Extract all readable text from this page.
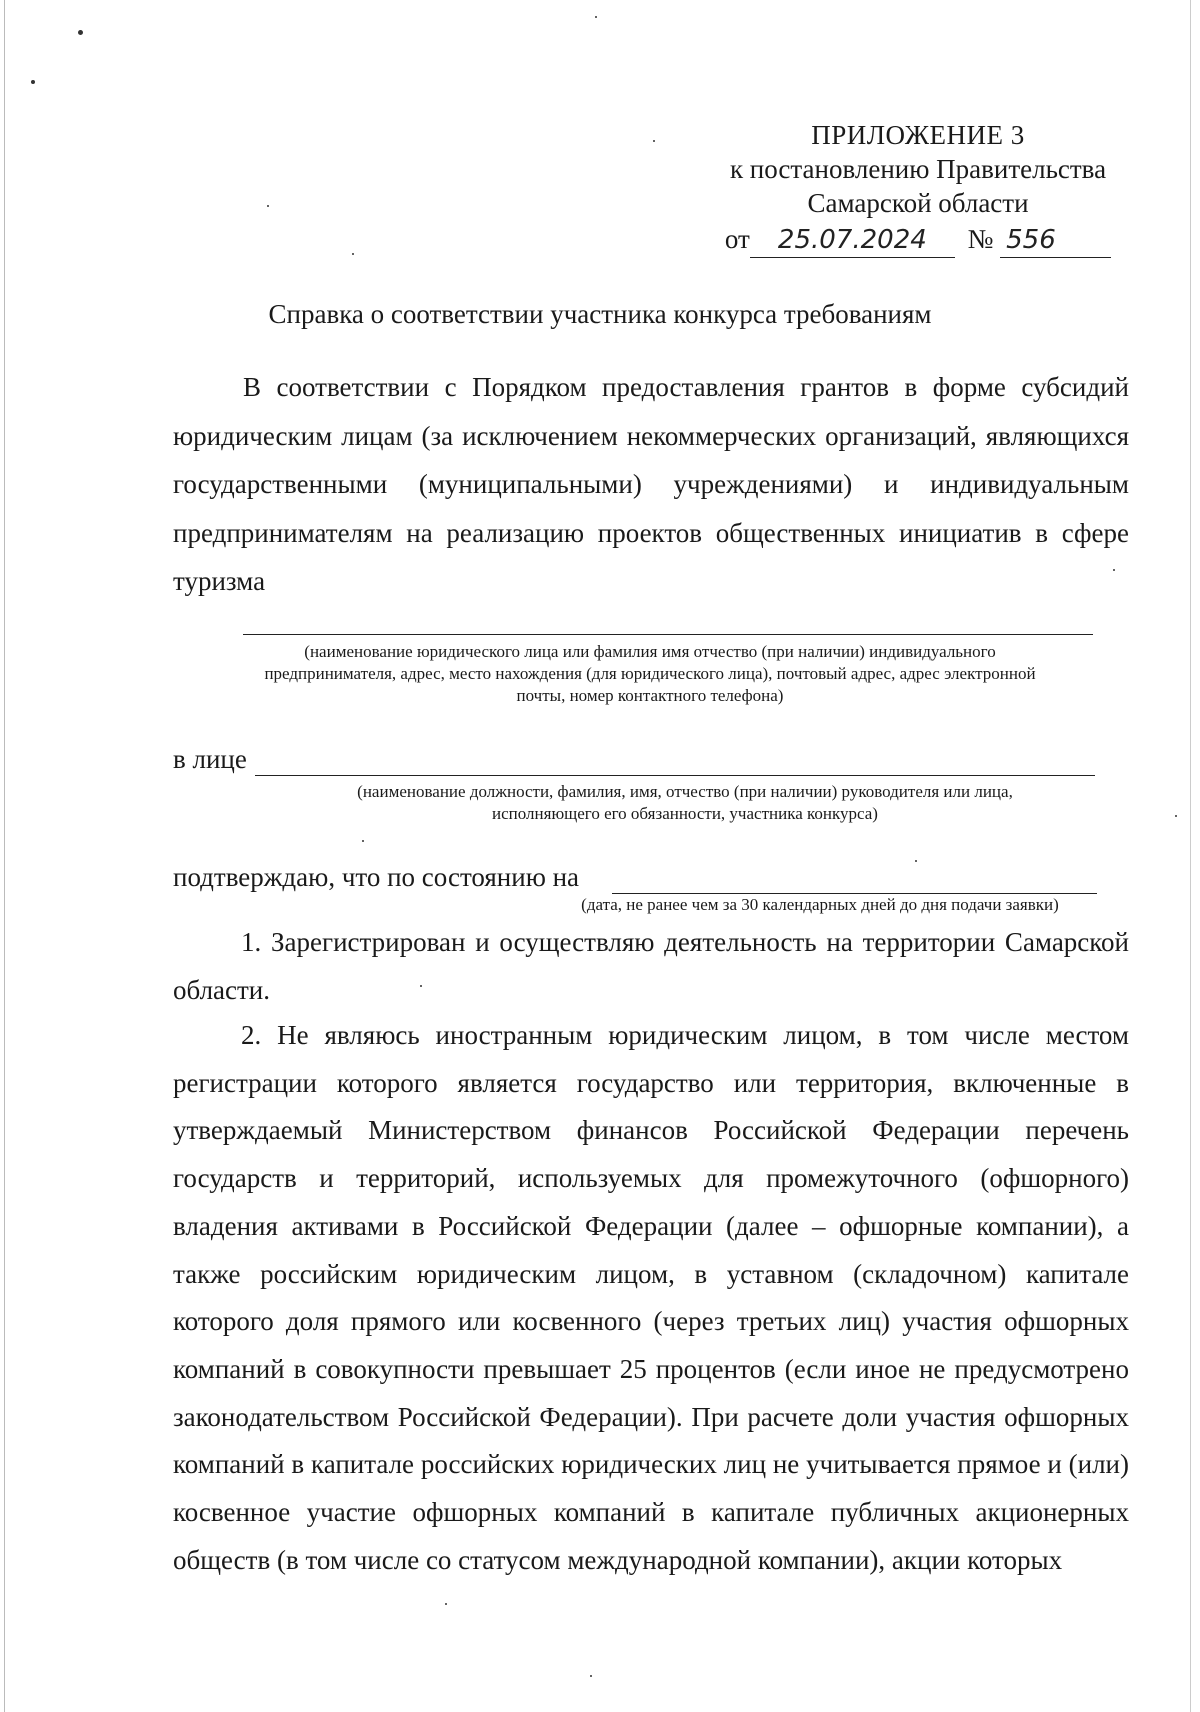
ПРИЛОЖЕНИЕ 3
к постановлению Правительства
Самарской области
от 25.07.2024 № 556
Справка о соответствии участника конкурса требованиям
В соответствии с Порядком предоставления грантов в форме субсидий юридическим лицам (за исключением некоммерческих организаций, являющихся государственными (муниципальными) учреждениями) и индивидуальным предпринимателям на реализацию проектов общественных инициатив в сфере туризма
(наименование юридического лица или фамилия имя отчество (при наличии) индивидуального
предпринимателя, адрес, место нахождения (для юридического лица), почтовый адрес, адрес электронной
почты, номер контактного телефона)
в лице
(наименование должности, фамилия, имя, отчество (при наличии) руководителя или лица,
исполняющего его обязанности, участника конкурса)
подтверждаю, что по состоянию на
(дата, не ранее чем за 30 календарных дней до дня подачи заявки)
1. Зарегистрирован и осуществляю деятельность на территории Самарской области.
2. Не являюсь иностранным юридическим лицом, в том числе местом регистрации которого является государство или территория, включенные в утверждаемый Министерством финансов Российской Федерации перечень государств и территорий, используемых для промежуточного (офшорного) владения активами в Российской Федерации (далее – офшорные компании), а также российским юридическим лицом, в уставном (складочном) капитале которого доля прямого или косвенного (через третьих лиц) участия офшорных компаний в совокупности превышает 25 процентов (если иное не предусмотрено законодательством Российской Федерации). При расчете доли участия офшорных компаний в капитале российских юридических лиц не учитывается прямое и (или) косвенное участие офшорных компаний в капитале публичных акционерных обществ (в том числе со статусом международной компании), акции которых
